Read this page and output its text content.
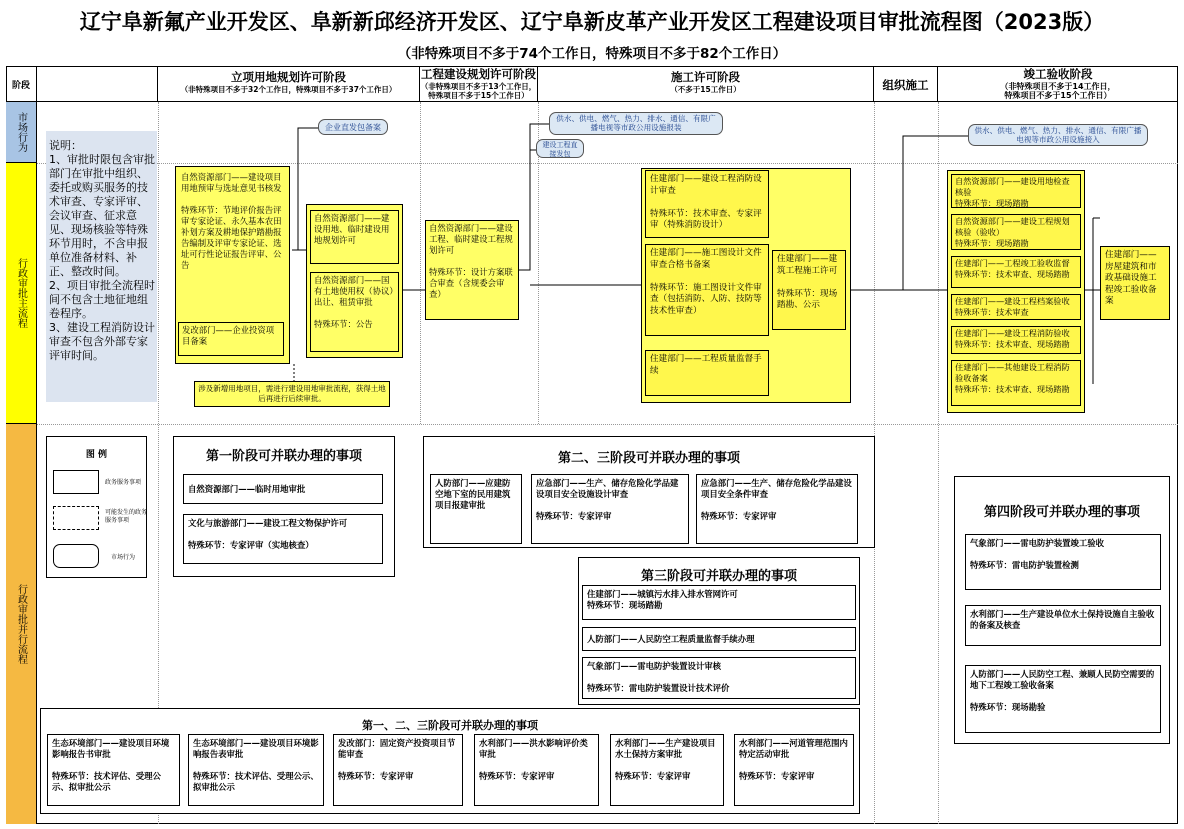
辽宁阜新氟产业开发区、阜新新邱经济开发区、辽宁阜新皮革产业开发区工程建设项目审批流程图（2023版）
（非特殊项目不多于74个工作日，特殊项目不多于82个工作日）
阶段
立项用地规划许可阶段
（非特殊项目不多于32个工作日，特殊项目不多于37个工作日）
工程建设规划许可阶段
（非特殊项目不多于13个工作日，
特殊项目不多于15个工作日）
施工许可阶段
（不多于15工作日）	组织施工
竣工验收阶段
（非特殊项目不多于14工作日，
特殊项目不多于15个工作日）
市场行为
行政审批主流程
行政审批并行流程
说明：
1、审批时限包含审批部门在审批中组织、委托或购买服务的技术审查、专家评审、会议审查、征求意见、现场核验等特殊环节用时，不含申报单位准备材料、补正、整改时间。
2、项目审批全流程时间不包含土地征地组卷程序。
3、建设工程消防设计审查不包含外部专家评审时间。
企业直发包备案
供水、供电、燃气、热力、排水、通信、有限广播电视等市政公用设施报装
建设工程直接发包
供水、供电、燃气、热力、排水、通信、有限广播电视等市政公用设施接入
自然资源部门——建设项目用地预审与选址意见书核发

特殊环节：节地评价报告评审专家论证、永久基本农田补划方案及耕地保护踏勘报告编制及评审专家论证、选址可行性论证报告评审、公告
发改部门——企业投资项目备案
自然资源部门——建设用地、临时建设用地规划许可
自然资源部门——国有土地使用权（协议）出让、租赁审批

特殊环节：公告
涉及新增用地项目，需进行建设用地审批流程，获得土地后再进行后续审批。
自然资源部门——建设工程、临时建设工程规划许可

特殊环节：设计方案联合审查（含规委会审查）
住建部门——建设工程消防设计审查

特殊环节：技术审查、专家评审（特殊消防设计）
住建部门——施工图设计文件审查合格书备案

特殊环节：施工图设计文件审查（包括消防、人防、技防等技术性审查）
住建部门——工程质量监督手续
住建部门——建筑工程施工许可

特殊环节：现场踏勘、公示
自然资源部门——建设用地检查核验
特殊环节：现场踏勘
自然资源部门——建设工程规划核验（验收）
特殊环节：现场踏勘
住建部门——工程竣工验收监督
特殊环节：技术审查、现场踏勘
住建部门——建设工程档案验收
特殊环节：技术审查
住建部门——建设工程消防验收
特殊环节：技术审查、现场踏勘
住建部门——其他建设工程消防验收备案
特殊环节：技术审查、现场踏勘
住建部门——房屋建筑和市政基础设施工程竣工验收备案
图 例
政务服务事项
可能发生的政务服务事项
市场行为
第一阶段可并联办理的事项
自然资源部门——临时用地审批
文化与旅游部门——建设工程文物保护许可

特殊环节：专家评审（实地核查）
第二、三阶段可并联办理的事项
人防部门——应建防空地下室的民用建筑项目报建审批
应急部门——生产、储存危险化学品建设项目安全设施设计审查

特殊环节：专家评审
应急部门——生产、储存危险化学品建设项目安全条件审查

特殊环节：专家评审
第三阶段可并联办理的事项
住建部门——城镇污水排入排水管网许可
特殊环节：现场踏勘
人防部门——人民防空工程质量监督手续办理
气象部门——雷电防护装置设计审核

特殊环节：雷电防护装置设计技术评价
第四阶段可并联办理的事项
气象部门——雷电防护装置竣工验收

特殊环节：雷电防护装置检测
水利部门——生产建设单位水土保持设施自主验收的备案及核查
人防部门——人民防空工程、兼顾人民防空需要的地下工程竣工验收备案

特殊环节：现场勘验
第一、二、三阶段可并联办理的事项
生态环境部门——建设项目环境影响报告书审批

特殊环节：技术评估、受理公示、拟审批公示
生态环境部门——建设项目环境影响报告表审批

特殊环节：技术评估、受理公示、拟审批公示
发改部门：固定资产投资项目节能审查

特殊环节：专家评审
水利部门——洪水影响评价类审批

特殊环节：专家评审
水利部门——生产建设项目水土保持方案审批

特殊环节：专家评审
水利部门——河道管理范围内特定活动审批

特殊环节：专家评审
